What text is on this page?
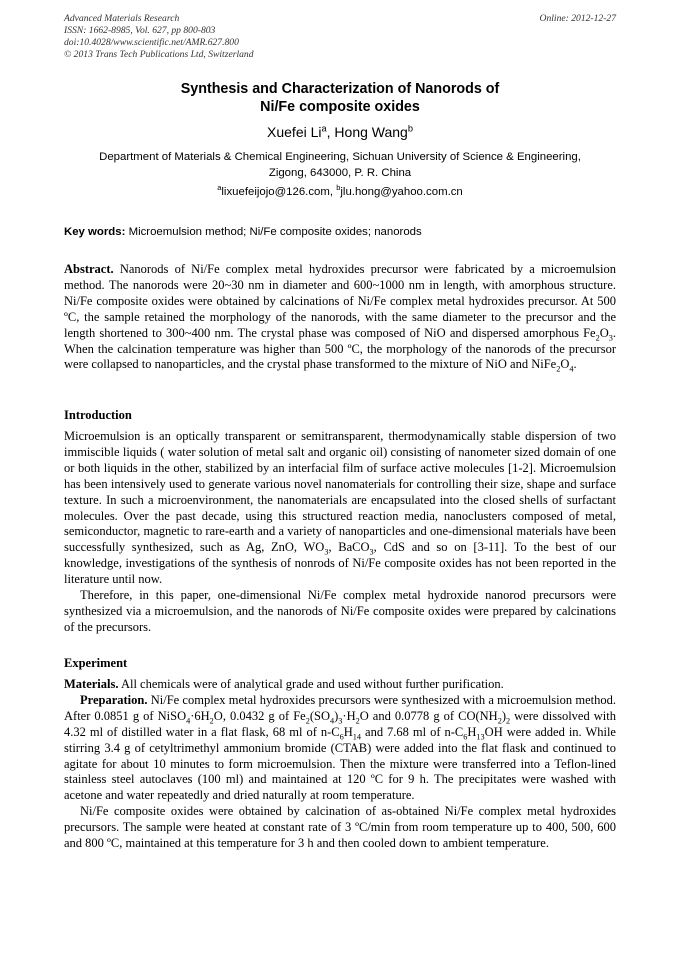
Advanced Materials Research
ISSN: 1662-8985, Vol. 627, pp 800-803
doi:10.4028/www.scientific.net/AMR.627.800
© 2013 Trans Tech Publications Ltd, Switzerland
Online: 2012-12-27
Synthesis and Characterization of Nanorods of
Ni/Fe composite oxides
Xuefei Li$^a$, Hong Wang$^b$
Department of Materials & Chemical Engineering, Sichuan University of Science & Engineering,
Zigong, 643000, P. R. China
$^a$lixuefeijojo@126.com, $^b$jlu.hong@yahoo.com.cn
Key words: Microemulsion method; Ni/Fe composite oxides; nanorods

Abstract. Nanorods of Ni/Fe complex metal hydroxides precursor were fabricated by a microemulsion method. The nanorods were 20~30 nm in diameter and 600~1000 nm in length, with amorphous structure. Ni/Fe composite oxides were obtained by calcinations of Ni/Fe complex metal hydroxides precursor. At 500 ºC, the sample retained the morphology of the nanorods, with the same diameter to the precursor and the length shortened to 300~400 nm. The crystal phase was composed of NiO and dispersed amorphous $Fe_2O_3$. When the calcination temperature was higher than 500 ºC, the morphology of the nanorods of the precursor were collapsed to nanoparticles, and the crystal phase transformed to the mixture of NiO and $NiFe_2O_4$.

Introduction

Microemulsion is an optically transparent or semitransparent, thermodynamically stable dispersion of two immiscible liquids ( water solution of metal salt and organic oil) consisting of nanometer sized domain of one or both liquids in the other, stabilized by an interfacial film of surface active molecules [1-2]. Microemulsion has been intensively used to generate various novel nanomaterials for controlling their size, shape and surface texture. In such a microenvironment, the nanomaterials are encapsulated into the closed shells of surfactant molecules. Over the past decade, using this structured reaction media, nanoclusters composed of metal, semiconductor, magnetic to rare-earth and a variety of nanoparticles and one-dimensional materials have been successfully synthesized, such as Ag, ZnO, $WO_3$, BaCO$_3$, CdS and so on [3-11]. To the best of our knowledge, investigations of the synthesis of nonrods of Ni/Fe composite oxides has not been reported in the literature until now.

Therefore, in this paper, one-dimensional Ni/Fe complex metal hydroxide nanorod precursors were synthesized via a microemulsion, and the nanorods of Ni/Fe composite oxides were prepared by calcinations of the precursors.

Experiment

Materials. All chemicals were of analytical grade and used without further purification.

Preparation. Ni/Fe complex metal hydroxides precursors were synthesized with a microemulsion method. After 0.0851 g of $NiSO_4\cdot 6H_2O$, 0.0432 g of $Fe_2(SO_4)_3\cdot H_2O$ and 0.0778 g of $CO(NH_2)_2$ were dissolved with 4.32 ml of distilled water in a flat flask, 68 ml of $n-C_6H_{14}$ and 7.68 ml of $n-C_6H_{13}OH$ were added in. While stirring 3.4 g of cetyltrimethyl ammonium bromide (CTAB) were added into the flat flask and continued to agitate for about 10 minutes to form microemulsion. Then the mixture were transferred into a Teflon-lined stainless steel autoclaves (100 ml) and maintained at 120 ºC for 9 h. The precipitates were washed with acetone and water repeatedly and dried naturally at room temperature.

Ni/Fe composite oxides were obtained by calcination of as-obtained Ni/Fe complex metal hydroxides precursors. The sample were heated at constant rate of 3 ºC/min from room temperature up to 400, 500, 600 and 800 ºC, maintained at this temperature for 3 h and then cooled down to ambient temperature.
